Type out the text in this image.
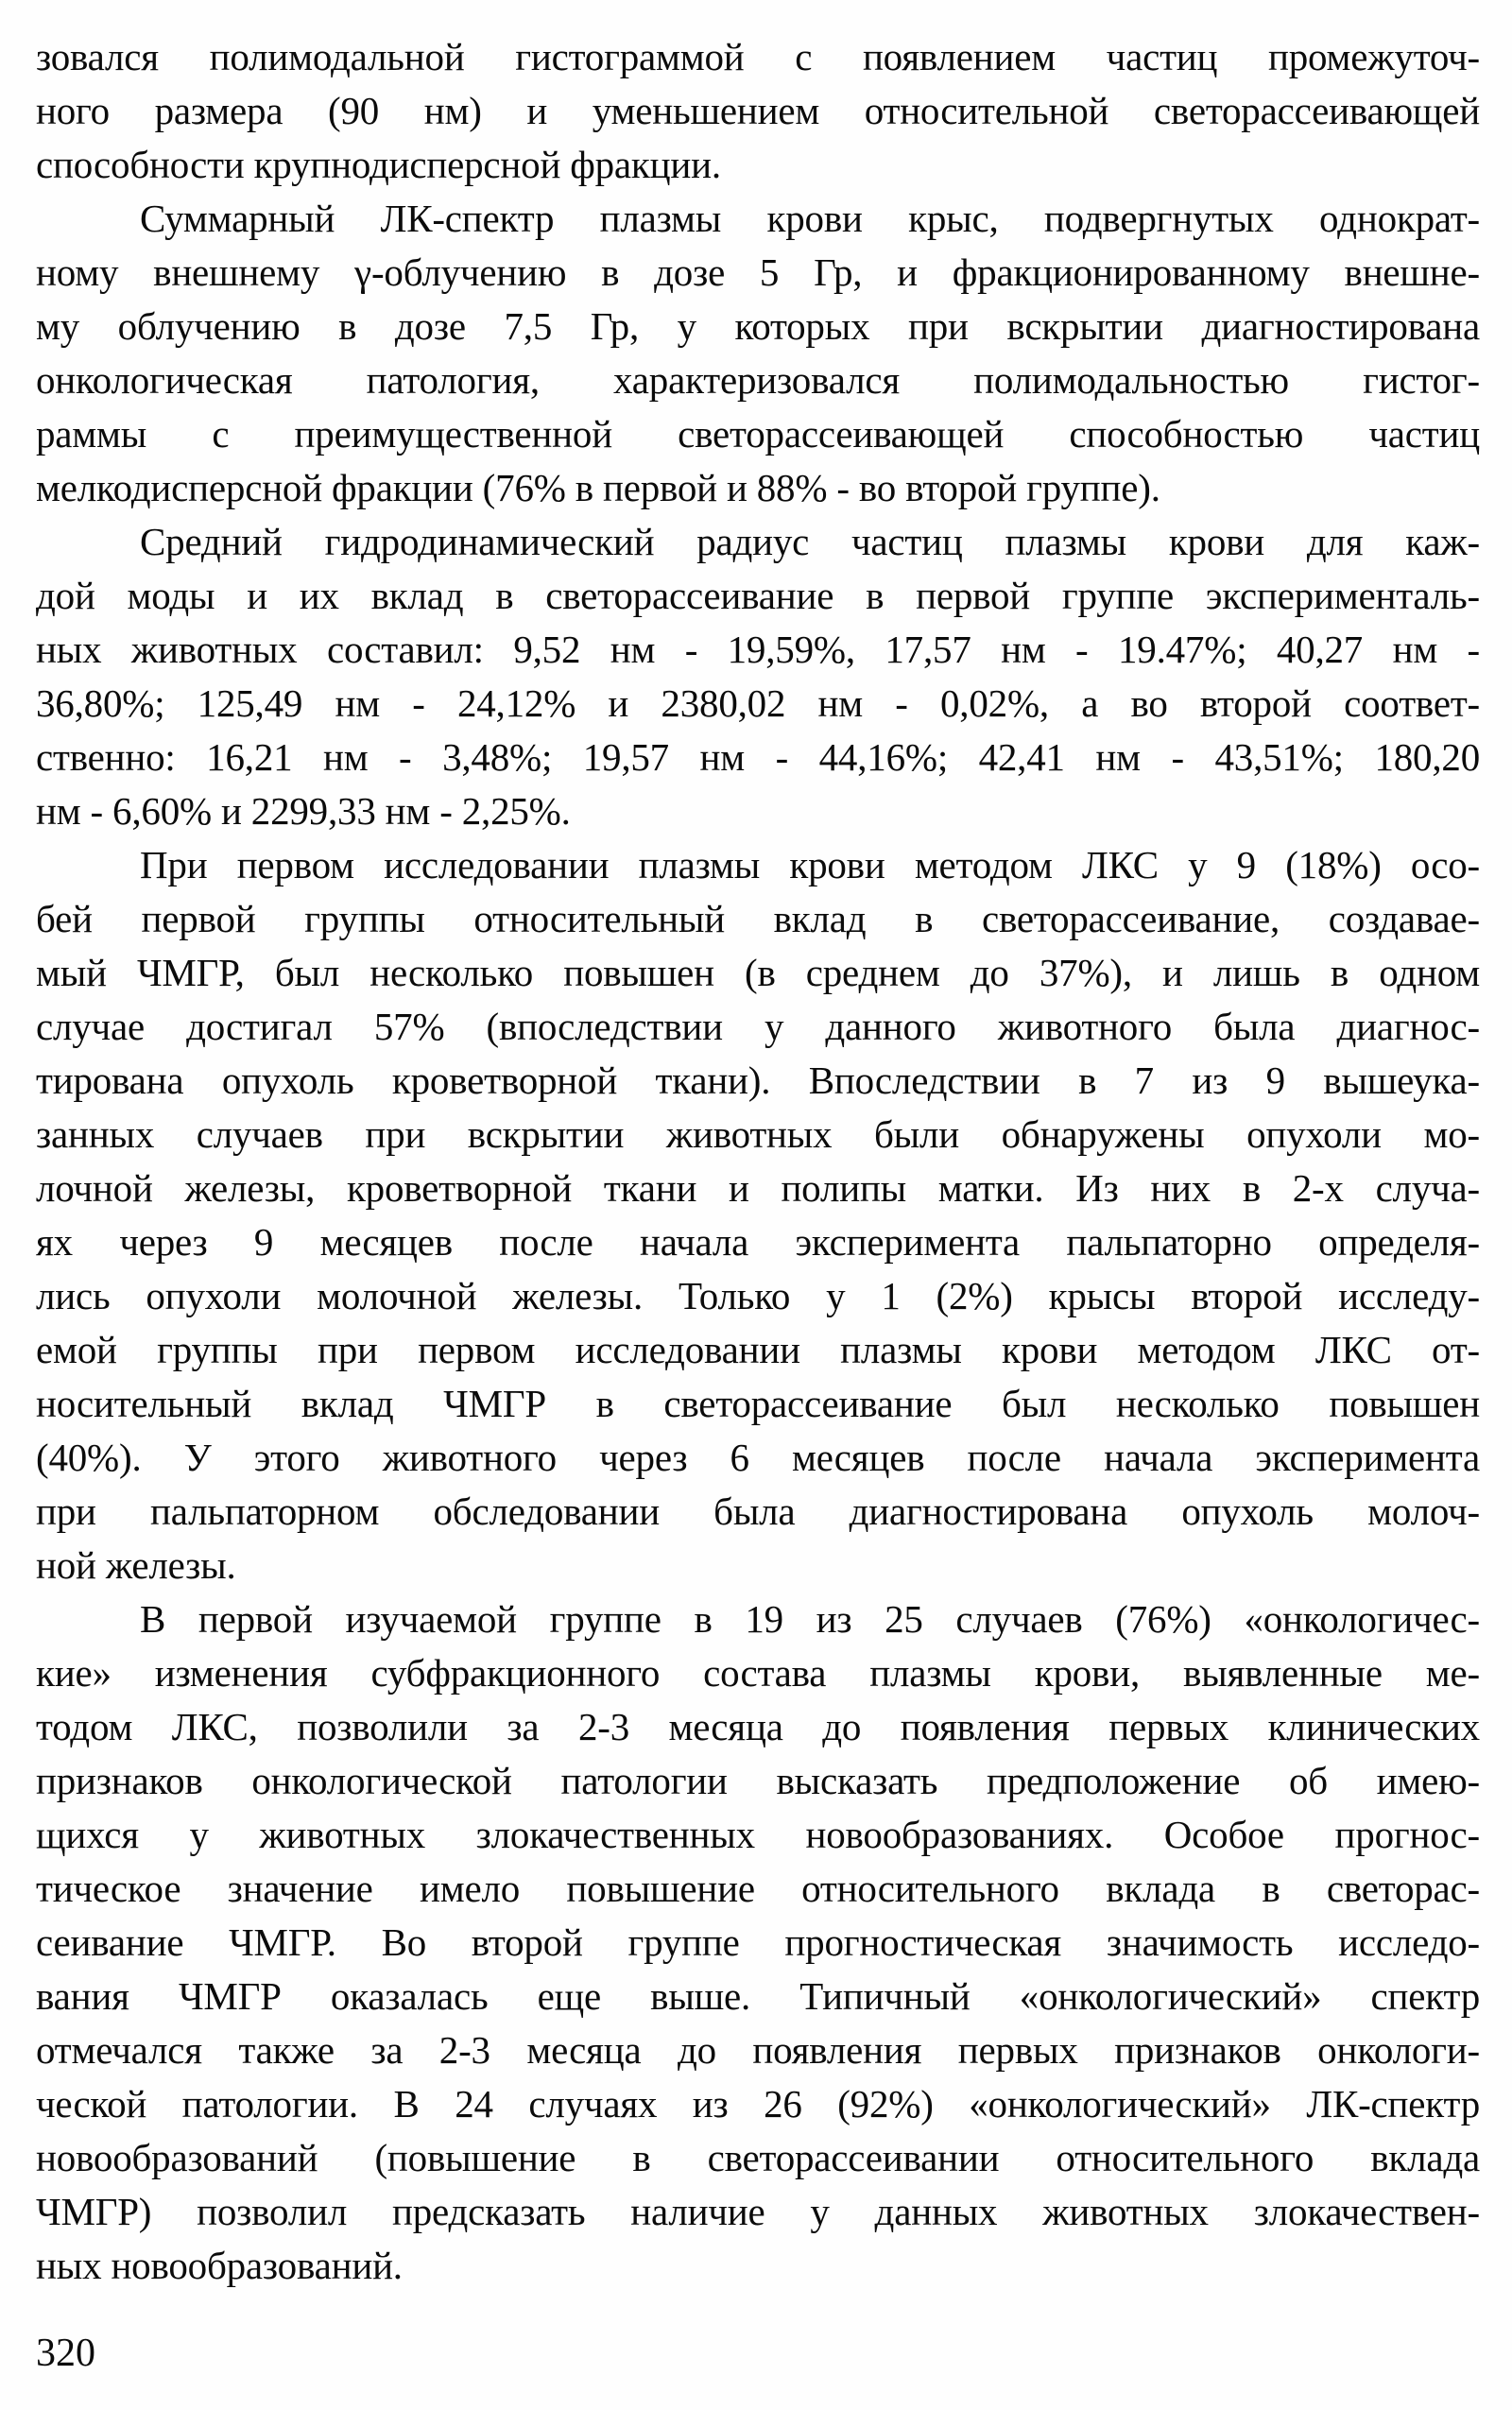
зовался полимодальной гистограммой с появлением частиц промежуточ-
ного размера (90 нм) и уменьшением относительной светорассеивающей
способности крупнодисперсной фракции.
Суммарный ЛК-спектр плазмы крови крыс, подвергнутых однократ-
ному внешнему γ-облучению в дозе 5 Гр, и фракционированному внешне-
му облучению в дозе 7,5 Гр, у которых при вскрытии диагностирована
онкологическая патология, характеризовался полимодальностью гистог-
раммы с преимущественной светорассеивающей способностью частиц
мелкодисперсной фракции (76% в первой и 88% - во второй группе).
Средний гидродинамический радиус частиц плазмы крови для каж-
дой моды и их вклад в светорассеивание в первой группе эксперименталь-
ных животных составил: 9,52 нм - 19,59%, 17,57 нм - 19.47%; 40,27 нм -
36,80%; 125,49 нм - 24,12% и 2380,02 нм - 0,02%, а во второй соответ-
ственно: 16,21 нм - 3,48%; 19,57 нм - 44,16%; 42,41 нм - 43,51%; 180,20
нм - 6,60% и 2299,33 нм - 2,25%.
При первом исследовании плазмы крови методом ЛКС у 9 (18%) осо-
бей первой группы относительный вклад в светорассеивание, создавае-
мый ЧМГР, был несколько повышен (в среднем до 37%), и лишь в одном
случае достигал 57% (впоследствии у данного животного была диагнос-
тирована опухоль кроветворной ткани). Впоследствии в 7 из 9 вышеука-
занных случаев при вскрытии животных были обнаружены опухоли мо-
лочной железы, кроветворной ткани и полипы матки. Из них в 2-х случа-
ях через 9 месяцев после начала эксперимента пальпаторно определя-
лись опухоли молочной железы. Только у 1 (2%) крысы второй исследу-
емой группы при первом исследовании плазмы крови методом ЛКС от-
носительный вклад ЧМГР в светорассеивание был несколько повышен
(40%). У этого животного через 6 месяцев после начала эксперимента
при пальпаторном обследовании была диагностирована опухоль молоч-
ной железы.
В первой изучаемой группе в 19 из 25 случаев (76%) «онкологичес-
кие» изменения субфракционного состава плазмы крови, выявленные ме-
тодом ЛКС, позволили за 2-3 месяца до появления первых клинических
признаков онкологической патологии высказать предположение об имею-
щихся у животных злокачественных новообразованиях. Особое прогнос-
тическое значение имело повышение относительного вклада в светорас-
сеивание ЧМГР. Во второй группе прогностическая значимость исследо-
вания ЧМГР оказалась еще выше. Типичный «онкологический» спектр
отмечался также за 2-3 месяца до появления первых признаков онкологи-
ческой патологии. В 24 случаях из 26 (92%) «онкологический» ЛК-спектр
новообразований (повышение в светорассеивании относительного вклада
ЧМГР) позволил предсказать наличие у данных животных злокачествен-
ных новообразований.
320
